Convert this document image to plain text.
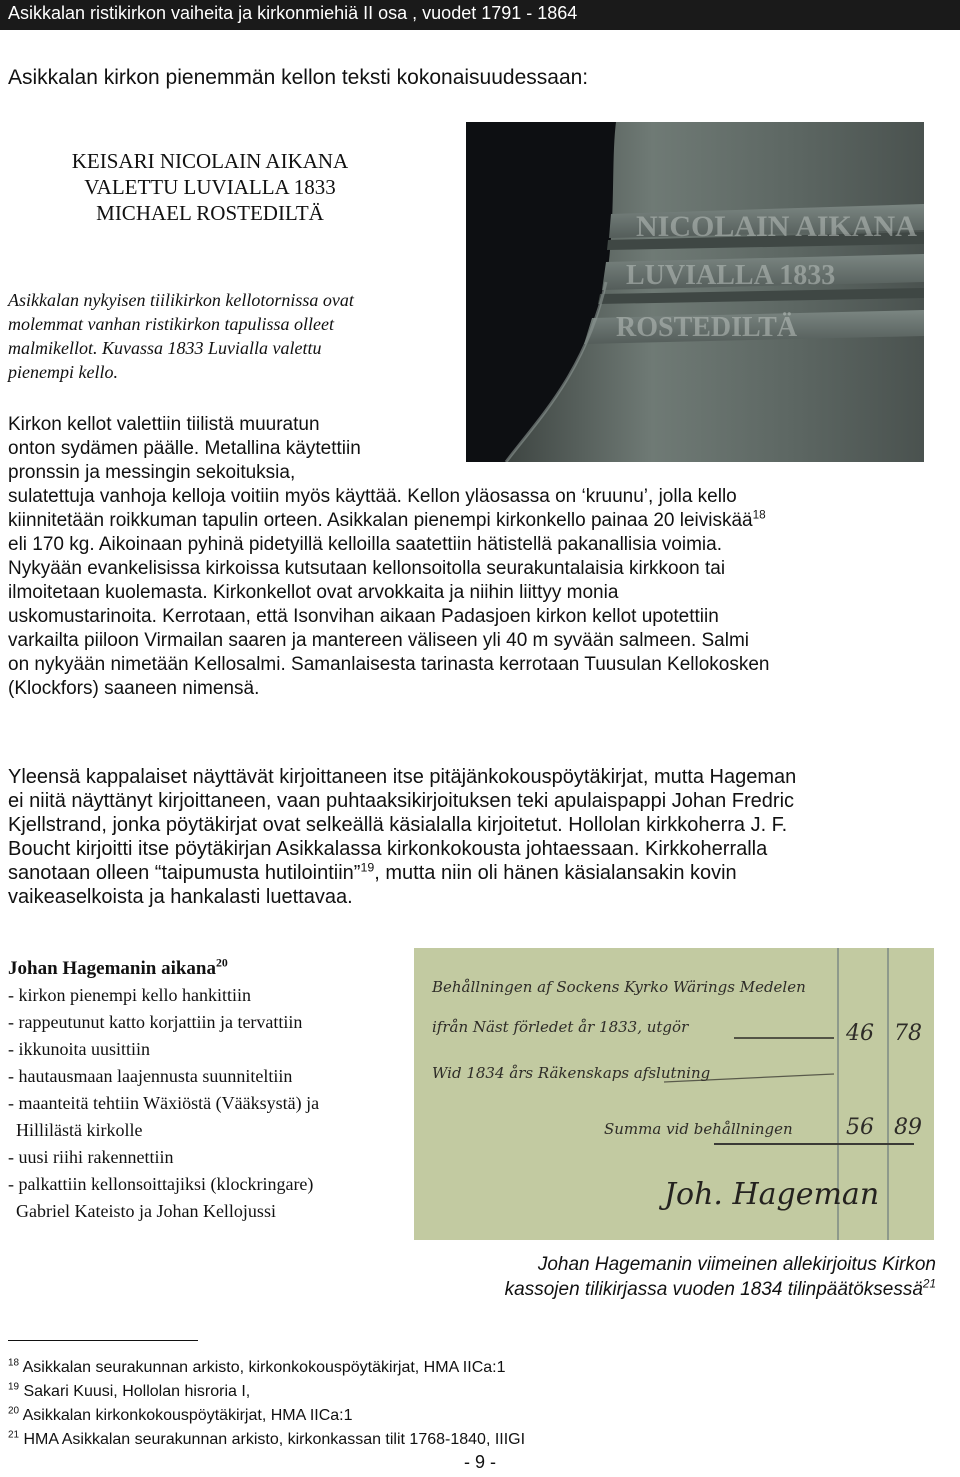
Asikkalan ristikirkon vaiheita ja kirkonmiehiä II osa , vuodet 1791 - 1864
Asikkalan kirkon pienemmän kellon teksti kokonaisuudessaan:
KEISARI NICOLAIN AIKANA
VALETTU LUVIALLA 1833
MICHAEL ROSTEDILTÄ	NICOLAIN AIKANA
LUVIALLA 1833
ROSTEDILTÄ
Asikkalan nykyisen tiilikirkon kellotornissa ovat
molemmat vanhan ristikirkon tapulissa olleet
malmikellot. Kuvassa 1833 Luvialla valettu
pienempi kello.
Kirkon kellot valettiin tiilistä muuratun
onton sydämen päälle. Metallina käytettiin
pronssin ja messingin sekoituksia,
sulatettuja vanhoja kelloja voitiin myös käyttää. Kellon yläosassa on ‘kruunu’, jolla kello
kiinnitetään roikkuman tapulin orteen. Asikkalan pienempi kirkonkello painaa 20 leiviskää$^{18}$
eli 170 kg. Aikoinaan pyhinä pidetyillä kelloilla saatettiin hätistellä pakanallisia voimia.
Nykyään evankelisissa kirkoissa kutsutaan kellonsoitolla seurakuntalaisia kirkkoon tai
ilmoitetaan kuolemasta. Kirkonkellot ovat arvokkaita ja niihin liittyy monia
uskomustarinoita. Kerrotaan, että Isonvihan aikaan Padasjoen kirkon kellot upotettiin
varkailta piiloon Virmailan saaren ja mantereen väliseen yli 40 m syvään salmeen. Salmi
on nykyään nimetään Kellosalmi. Samanlaisesta tarinasta kerrotaan Tuusulan Kellokosken
(Klockfors) saaneen nimensä.
Yleensä kappalaiset näyttävät kirjoittaneen itse pitäjänkokouspöytäkirjat, mutta Hageman
ei niitä näyttänyt kirjoittaneen, vaan puhtaaksikirjoituksen teki apulaispappi Johan Fredric
Kjellstrand, jonka pöytäkirjat ovat selkeällä käsialalla kirjoitetut. Hollolan kirkkoherra J. F.
Boucht kirjoitti itse pöytäkirjan Asikkalassa kirkonkokousta johtaessaan. Kirkkoherralla
sanotaan olleen “taipumusta hutilointiin”$^{19}$, mutta niin oli hänen käsialansakin kovin
vaikeaselkoista ja hankalasti luettavaa.
Johan Hagemanin aikana$^{20}$
- kirkon pienempi kello hankittiin
- rappeutunut katto korjattiin ja tervattiin
- ikkunoita uusittiin
- hautausmaan laajennusta suunniteltiin
- maanteitä tehtiin Wäxiöstä (Vääksystä) ja
Hillilästä kirkolle
- uusi riihi rakennettiin
- palkattiin kellonsoittajiksi (klockringare)
Gabriel Kateisto ja Johan Kellojussi
Behållningen af Sockens Kyrko Wärings Medelen
ifrån Näst förledet år 1833, utgör
Wid 1834 års Räkenskaps afslutning
Summa vid behållningen
46 78
56 89
Joh. Hageman
Johan Hagemanin viimeinen allekirjoitus Kirkon
kassojen tilikirjassa vuoden 1834 tilinpäätöksessä$^{21}$
$^{18}$ Asikkalan seurakunnan arkisto, kirkonkokouspöytäkirjat, HMA IICa:1
$^{19}$ Sakari Kuusi, Hollolan hisroria I,
$^{20}$ Asikkalan kirkonkokouspöytäkirjat, HMA IICa:1
$^{21}$ HMA Asikkalan seurakunnan arkisto, kirkonkassan tilit 1768-1840, IIIGI
- 9 -
